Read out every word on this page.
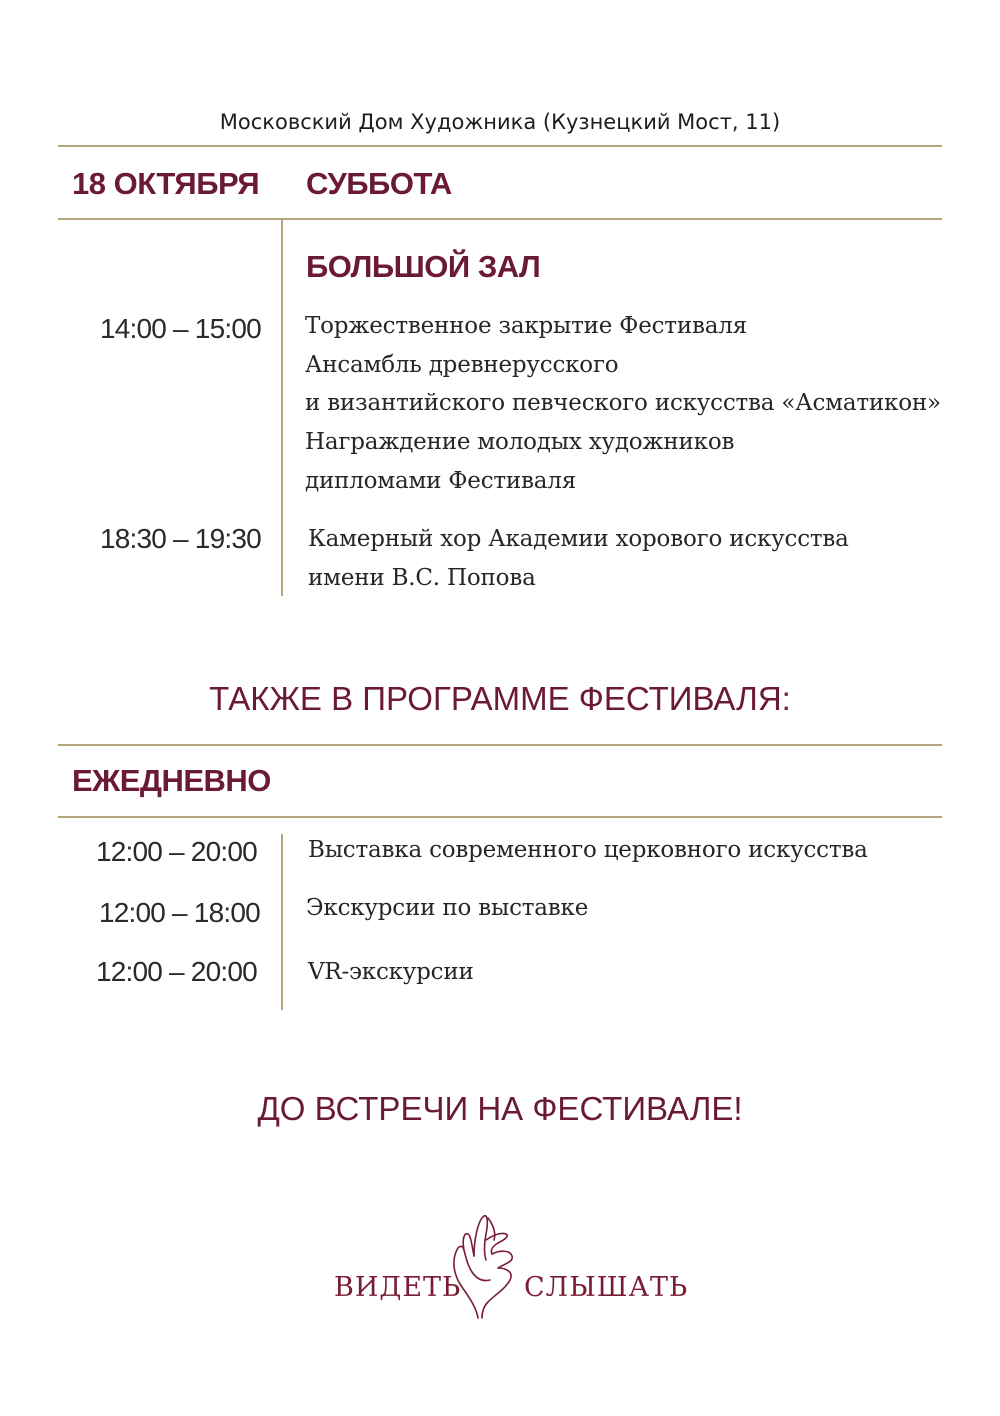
Московский Дом Художника (Кузнецкий Мост, 11)
18 ОКТЯБРЯ СУББОТА
БОЛЬШОЙ ЗАЛ
14:00 – 15:00 Торжественное закрытие Фестиваля
Ансамбль древнерусского
и византийского певческого искусства «Асматикон»
Награждение молодых художников
дипломами Фестиваля
18:30 – 19:30 Камерный хор Академии хорового искусства
имени В.С. Попова
ТАКЖЕ В ПРОГРАММЕ ФЕСТИВАЛЯ:
ЕЖЕДНЕВНО
12:00 – 20:00 Выставка современного церковного искусства
12:00 – 18:00 Экскурсии по выставке
12:00 – 20:00 VR-экскурсии
ДО ВСТРЕЧИ НА ФЕСТИВАЛЕ!
ВИДЕТЬ СЛЫШАТЬ
